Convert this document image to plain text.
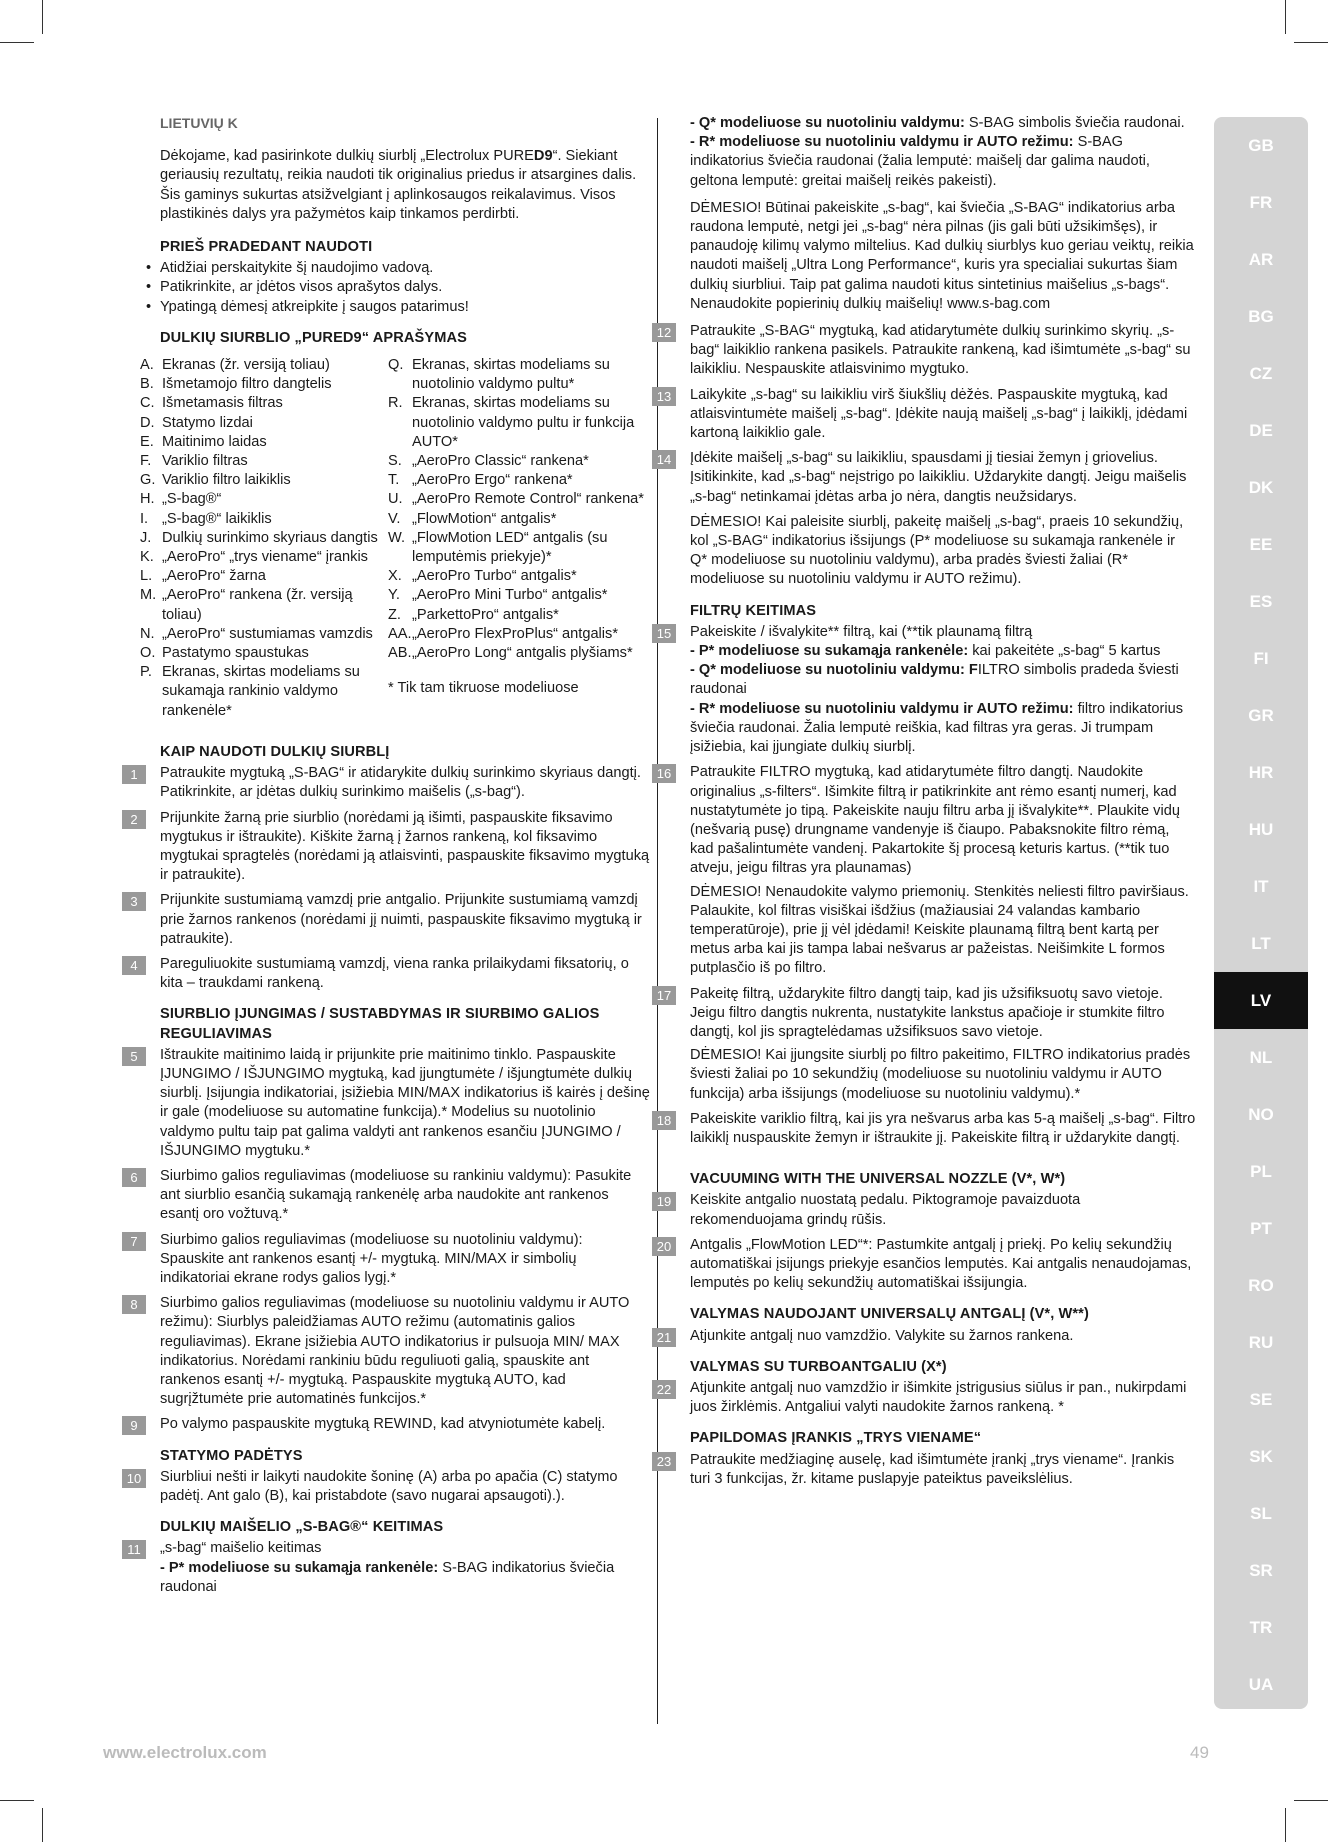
LIETUVIŲ K
Dėkojame, kad pasirinkote dulkių siurblį „Electrolux PURED9“. Siekiant geriausių rezultatų, reikia naudoti tik originalius priedus ir atsargines dalis. Šis gaminys sukurtas atsižvelgiant į aplinkosaugos reikalavimus. Visos plastikinės dalys yra pažymėtos kaip tinkamos perdirbti.
PRIEŠ PRADEDANT NAUDOTI
• Atidžiai perskaitykite šį naudojimo vadovą.
• Patikrinkite, ar įdėtos visos aprašytos dalys.
• Ypatingą dėmesį atkreipkite į saugos patarimus!
DULKIŲ SIURBLIO „PURED9“ APRAŠYMAS
A. Ekranas (žr. versiją toliau)
B. Išmetamojo filtro dangtelis
C. Išmetamasis filtras
D. Statymo lizdai
E. Maitinimo laidas
F. Variklio filtras
G. Variklio filtro laikiklis
H. „S-bag®“
I. „S-bag®“ laikiklis
J. Dulkių surinkimo skyriaus dangtis
K. „AeroPro“ „trys viename“ įrankis
L. „AeroPro“ žarna
M. „AeroPro“ rankena (žr. versiją toliau)
N. „AeroPro“ sustumiamas vamzdis
O. Pastatymo spaustukas
P. Ekranas, skirtas modeliams su sukamąja rankinio valdymo rankenėle*
Q. Ekranas, skirtas modeliams su nuotolinio valdymo pultu*
R. Ekranas, skirtas modeliams su nuotolinio valdymo pultu ir funkcija AUTO*
S. „AeroPro Classic“ rankena*
T. „AeroPro Ergo“ rankena*
U. „AeroPro Remote Control“ rankena*
V. „FlowMotion“ antgalis*
W. „FlowMotion LED“ antgalis (su lemputėmis priekyje)*
X. „AeroPro Turbo“ antgalis*
Y. „AeroPro Mini Turbo“ antgalis*
Z. „ParkettoPro“ antgalis*
AA. „AeroPro FlexProPlus“ antgalis*
AB. „AeroPro Long“ antgalis plyšiams*
* Tik tam tikruose modeliuose
KAIP NAUDOTI DULKIŲ SIURBLĮ
1	Patraukite mygtuką „S-BAG“ ir atidarykite dulkių surinkimo skyriaus dangtį. Patikrinkite, ar įdėtas dulkių surinkimo maišelis („s-bag“).
2	Prijunkite žarną prie siurblio (norėdami ją išimti, paspauskite fiksavimo mygtukus ir ištraukite). Kiškite žarną į žarnos rankeną, kol fiksavimo mygtukai spragtelės (norėdami ją atlaisvinti, paspauskite fiksavimo mygtuką ir patraukite).
3	Prijunkite sustumiamą vamzdį prie antgalio. Prijunkite sustumiamą vamzdį prie žarnos rankenos (norėdami jį nuimti, paspauskite fiksavimo mygtuką ir patraukite).
4	Pareguliuokite sustumiamą vamzdį, viena ranka prilaikydami fiksatorių, o kita – traukdami rankeną.
SIURBLIO ĮJUNGIMAS / SUSTABDYMAS IR SIURBIMO GALIOS REGULIAVIMAS
5	Ištraukite maitinimo laidą ir prijunkite prie maitinimo tinklo. Paspauskite ĮJUNGIMO / IŠJUNGIMO mygtuką, kad įjungtumėte / išjungtumėte dulkių siurblį. Įsijungia indikatoriai, įsižiebia MIN/MAX indikatorius iš kairės į dešinę ir gale (modeliuose su automatine funkcija).* Modelius su nuotolinio valdymo pultu taip pat galima valdyti ant rankenos esančiu ĮJUNGIMO / IŠJUNGIMO mygtuku.*
6	Siurbimo galios reguliavimas (modeliuose su rankiniu valdymu): Pasukite ant siurblio esančią sukamąją rankenėlę arba naudokite ant rankenos esantį oro vožtuvą.*
7	Siurbimo galios reguliavimas (modeliuose su nuotoliniu valdymu): Spauskite ant rankenos esantį +/- mygtuką. MIN/MAX ir simbolių indikatoriai ekrane rodys galios lygį.*
8	Siurbimo galios reguliavimas (modeliuose su nuotoliniu valdymu ir AUTO režimu): Siurblys paleidžiamas AUTO režimu (automatinis galios reguliavimas). Ekrane įsižiebia AUTO indikatorius ir pulsuoja MIN/ MAX indikatorius. Norėdami rankiniu būdu reguliuoti galią, spauskite ant rankenos esantį +/- mygtuką. Paspauskite mygtuką AUTO, kad sugrįžtumėte prie automatinės funkcijos.*
9	Po valymo paspauskite mygtuką REWIND, kad atvyniotumėte kabelį.
STATYMO PADĖTYS
10	Siurbliui nešti ir laikyti naudokite šoninę (A) arba po apačia (C) statymo padėtį. Ant galo (B), kai pristabdote (savo nugarai apsaugoti).).
DULKIŲ MAIŠELIO „S-BAG®“ KEITIMAS
11	„s-bag“ maišelio keitimas
- P* modeliuose su sukamąja rankenėle: S-BAG indikatorius šviečia raudonai
- Q* modeliuose su nuotoliniu valdymu: S-BAG simbolis šviečia raudonai.
- R* modeliuose su nuotoliniu valdymu ir AUTO režimu: S-BAG indikatorius šviečia raudonai (žalia lemputė: maišelį dar galima naudoti, geltona lemputė: greitai maišelį reikės pakeisti).
DĖMESIO! Būtinai pakeiskite „s-bag“, kai šviečia „S-BAG“ indikatorius arba raudona lemputė, netgi jei „s-bag“ nėra pilnas (jis gali būti užsikimšęs), ir panaudoję kilimų valymo miltelius. Kad dulkių siurblys kuo geriau veiktų, reikia naudoti maišelį „Ultra Long Performance“, kuris yra specialiai sukurtas šiam dulkių siurbliui. Taip pat galima naudoti kitus sintetinius maišelius „s-bags“. Nenaudokite popierinių dulkių maišelių! www.s-bag.com
12	Patraukite „S-BAG“ mygtuką, kad atidarytumėte dulkių surinkimo skyrių. „s-bag“ laikiklio rankena pasikels. Patraukite rankeną, kad išimtumėte „s-bag“ su laikikliu. Nespauskite atlaisvinimo mygtuko.
13	Laikykite „s-bag“ su laikikliu virš šiukšlių dėžės. Paspauskite mygtuką, kad atlaisvintumėte maišelį „s-bag“. Įdėkite naują maišelį „s-bag“ į laikiklį, įdėdami kartoną laikiklio gale.
14	Įdėkite maišelį „s-bag“ su laikikliu, spausdami jį tiesiai žemyn į griovelius. Įsitikinkite, kad „s-bag“ neįstrigo po laikikliu. Uždarykite dangtį. Jeigu maišelis „s-bag“ netinkamai įdėtas arba jo nėra, dangtis neužsidarys.
DĖMESIO! Kai paleisite siurblį, pakeitę maišelį „s-bag“, praeis 10 sekundžių, kol „S-BAG“ indikatorius išsijungs (P* modeliuose su sukamąja rankenėle ir Q* modeliuose su nuotoliniu valdymu), arba pradės šviesti žaliai (R* modeliuose su nuotoliniu valdymu ir AUTO režimu).
FILTRŲ KEITIMAS
15	Pakeiskite / išvalykite** filtrą, kai (**tik plaunamą filtrą
- P* modeliuose su sukamąja rankenėle: kai pakeitėte „s-bag“ 5 kartus
- Q* modeliuose su nuotoliniu valdymu: FILTRO simbolis pradeda šviesti raudonai
- R* modeliuose su nuotoliniu valdymu ir AUTO režimu: filtro indikatorius šviečia raudonai. Žalia lemputė reiškia, kad filtras yra geras. Ji trumpam įsižiebia, kai įjungiate dulkių siurblį.
16	Patraukite FILTRO mygtuką, kad atidarytumėte filtro dangtį. Naudokite originalius „s-filters“. Išimkite filtrą ir patikrinkite ant rėmo esantį numerį, kad nustatytumėte jo tipą. Pakeiskite nauju filtru arba jį išvalykite**. Plaukite vidų (nešvarią pusę) drungname vandenyje iš čiaupo. Pabaksnokite filtro rėmą, kad pašalintumėte vandenį. Pakartokite šį procesą keturis kartus. (**tik tuo atveju, jeigu filtras yra plaunamas)
DĖMESIO! Nenaudokite valymo priemonių. Stenkitės neliesti filtro paviršiaus. Palaukite, kol filtras visiškai išdžius (mažiausiai 24 valandas kambario temperatūroje), prie jį vėl įdėdami! Keiskite plaunamą filtrą bent kartą per metus arba kai jis tampa labai nešvarus ar pažeistas. Neišimkite L formos putplasčio iš po filtro.
17	Pakeitę filtrą, uždarykite filtro dangtį taip, kad jis užsifiksuotų savo vietoje. Jeigu filtro dangtis nukrenta, nustatykite lankstus apačioje ir stumkite filtro dangtį, kol jis spragtelėdamas užsifiksuos savo vietoje.
DĖMESIO! Kai įjungsite siurblį po filtro pakeitimo, FILTRO indikatorius pradės šviesti žaliai po 10 sekundžių (modeliuose su nuotoliniu valdymu ir AUTO funkcija) arba išsijungs (modeliuose su nuotoliniu valdymu).*
18	Pakeiskite variklio filtrą, kai jis yra nešvarus arba kas 5-ą maišelį „s-bag“. Filtro laikiklį nuspauskite žemyn ir ištraukite jį. Pakeiskite filtrą ir uždarykite dangtį.
VACUUMING WITH THE UNIVERSAL NOZZLE (V*, W*)
19	Keiskite antgalio nuostatą pedalu. Piktogramoje pavaizduota rekomenduojama grindų rūšis.
20	Antgalis „FlowMotion LED“*: Pastumkite antgalį į priekį. Po kelių sekundžių automatiškai įsijungs priekyje esančios lemputės. Kai antgalis nenaudojamas, lemputės po kelių sekundžių automatiškai išsijungia.
VALYMAS NAUDOJANT UNIVERSALŲ ANTGALĮ (V*, W**)
21	Atjunkite antgalį nuo vamzdžio. Valykite su žarnos rankena.
VALYMAS SU TURBOANTGALIU (X*)
22	Atjunkite antgalį nuo vamzdžio ir išimkite įstrigusius siūlus ir pan., nukirpdami juos žirklėmis. Antgaliui valyti naudokite žarnos rankeną. *
PAPILDOMAS ĮRANKIS „TRYS VIENAME“
23	Patraukite medžiaginę auselę, kad išimtumėte įrankį „trys viename“. Įrankis turi 3 funkcijas, žr. kitame puslapyje pateiktus paveikslėlius.
GB
FR
AR
BG
CZ
DE
DK
EE
ES
FI
GR
HR
HU
IT
LT
LV
NL
NO
PL
PT
RO
RU
SE
SK
SL
SR
TR
UA
www.electrolux.com	49
